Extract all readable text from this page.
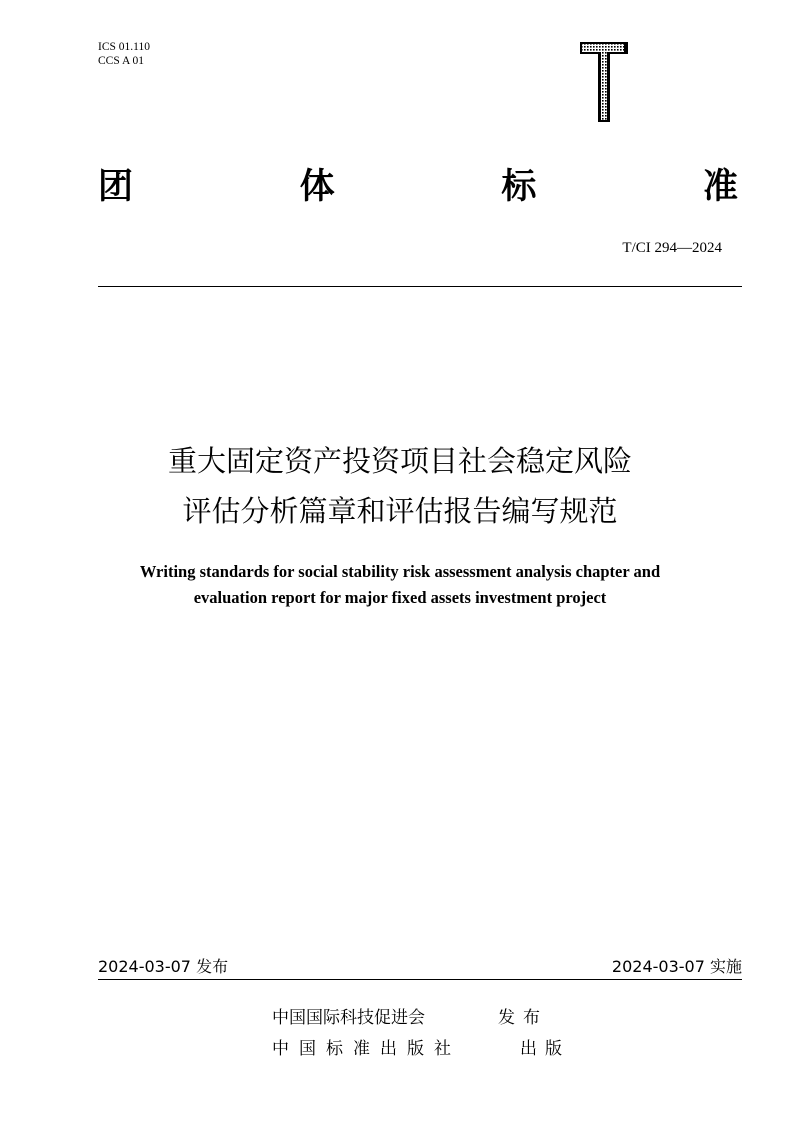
ICS 01.110
CCS A 01
团	体	标	准
T/CI 294—2024
重大固定资产投资项目社会稳定风险
评估分析篇章和评估报告编写规范
Writing standards for social stability risk assessment analysis chapter and
evaluation report for major fixed assets investment project
2024-03-07 发布	2024-03-07 实施
中国国际科技促进会	发布
中国标准出版社	出版
